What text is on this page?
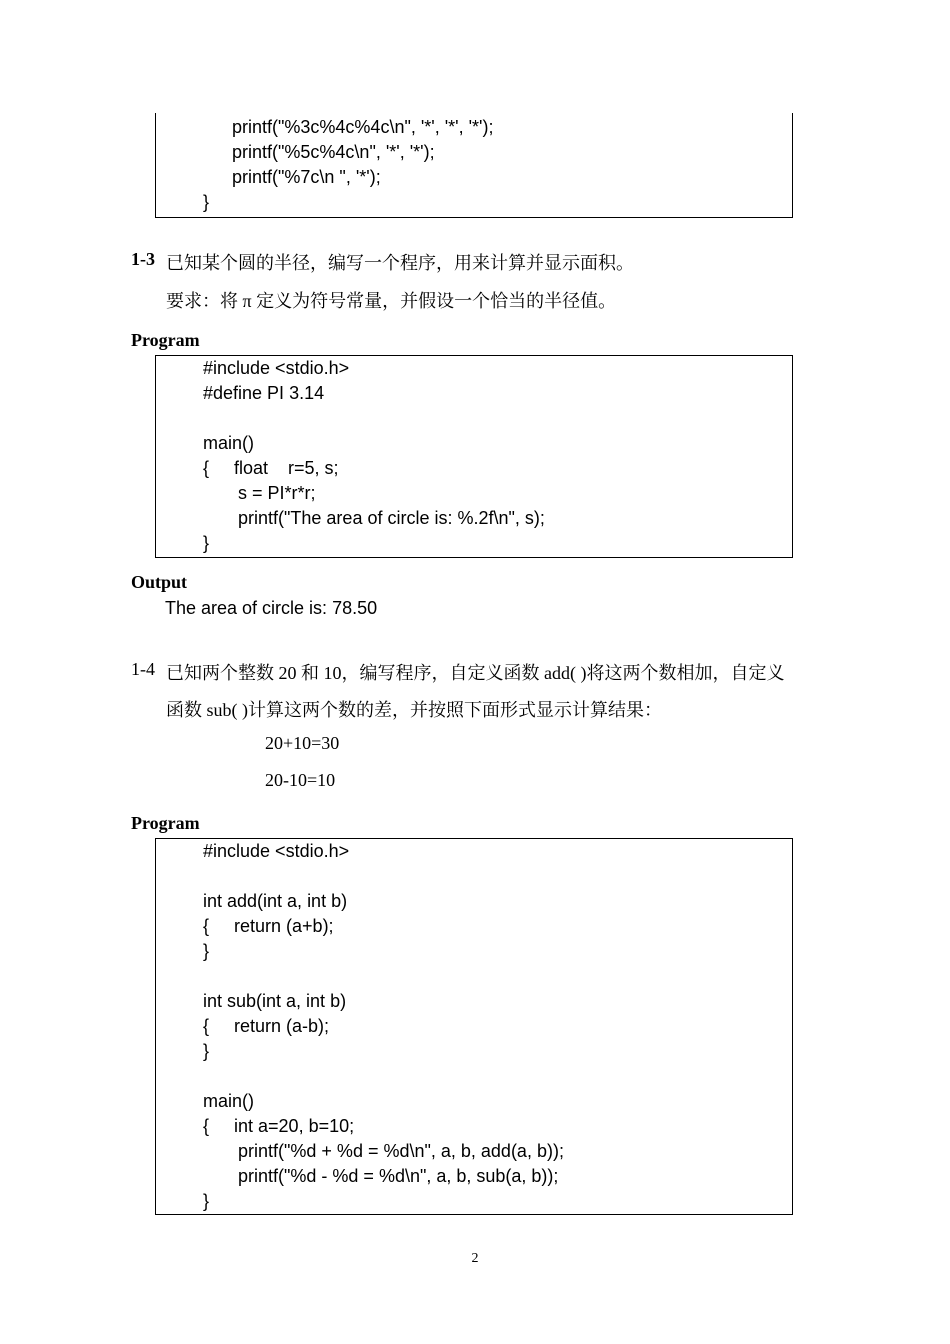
printf("%3c%4c%4c\n", '*', '*', '*');
printf("%5c%4c\n", '*', '*');
printf("%7c\n ", '*');
}
1-3 已知某个圆的半径，编写一个程序，用来计算并显示面积。
要求：将 π 定义为符号常量，并假设一个恰当的半径值。
Program
#include <stdio.h>
#define PI 3.14
main()
{     float    r=5, s;
s = PI*r*r;
printf("The area of circle is: %.2f\n", s);
}
Output
The area of circle is: 78.50
1-4 已知两个整数 20 和 10，编写程序，自定义函数 add( )将这两个数相加，自定义
函数 sub( )计算这两个数的差，并按照下面形式显示计算结果：
20+10=30
20-10=10
Program
#include <stdio.h>
int add(int a, int b)
{     return (a+b);
}
int sub(int a, int b)
{     return (a-b);
}
main()
{     int a=20, b=10;
printf("%d + %d = %d\n", a, b, add(a, b));
printf("%d - %d = %d\n", a, b, sub(a, b));
}
2
